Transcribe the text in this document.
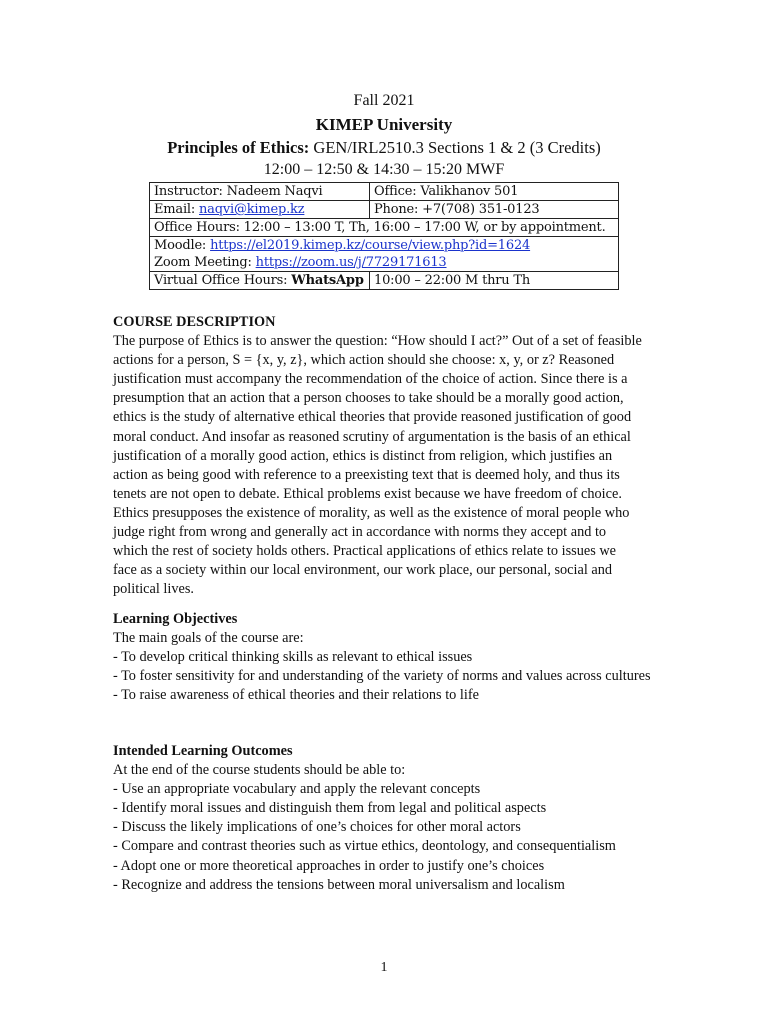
Fall 2021
KIMEP University
Principles of Ethics: GEN/IRL2510.3 Sections 1 & 2 (3 Credits)
12:00 – 12:50 & 14:30 – 15:20 MWF
Instructor: Nadeem Naqvi	Office: Valikhanov 501
Email: naqvi@kimep.kz	Phone: +7(708) 351-0123
Office Hours: 12:00 – 13:00 T, Th, 16:00 – 17:00 W, or by appointment.	

Moodle: https://el2019.kimep.kz/course/view.php?id=1624
Zoom Meeting: https://zoom.us/j/7729171613	

Virtual Office Hours: WhatsApp	10:00 – 22:00 M thru Th
COURSE DESCRIPTION
The purpose of Ethics is to answer the question: “How should I act?” Out of a set of feasible
actions for a person, S = {x, y, z}, which action should she choose: x, y, or z? Reasoned
justification must accompany the recommendation of the choice of action. Since there is a
presumption that an action that a person chooses to take should be a morally good action,
ethics is the study of alternative ethical theories that provide reasoned justification of good
moral conduct. And insofar as reasoned scrutiny of argumentation is the basis of an ethical
justification of a morally good action, ethics is distinct from religion, which justifies an
action as being good with reference to a preexisting text that is deemed holy, and thus its
tenets are not open to debate. Ethical problems exist because we have freedom of choice.
Ethics presupposes the existence of morality, as well as the existence of moral people who
judge right from wrong and generally act in accordance with norms they accept and to
which the rest of society holds others. Practical applications of ethics relate to issues we
face as a society within our local environment, our work place, our personal, social and
political lives.
Learning Objectives
The main goals of the course are:
- To develop critical thinking skills as relevant to ethical issues
- To foster sensitivity for and understanding of the variety of norms and values across cultures
- To raise awareness of ethical theories and their relations to life
Intended Learning Outcomes
At the end of the course students should be able to:
- Use an appropriate vocabulary and apply the relevant concepts
- Identify moral issues and distinguish them from legal and political aspects
- Discuss the likely implications of one’s choices for other moral actors
- Compare and contrast theories such as virtue ethics, deontology, and consequentialism
- Adopt one or more theoretical approaches in order to justify one’s choices
- Recognize and address the tensions between moral universalism and localism
1
